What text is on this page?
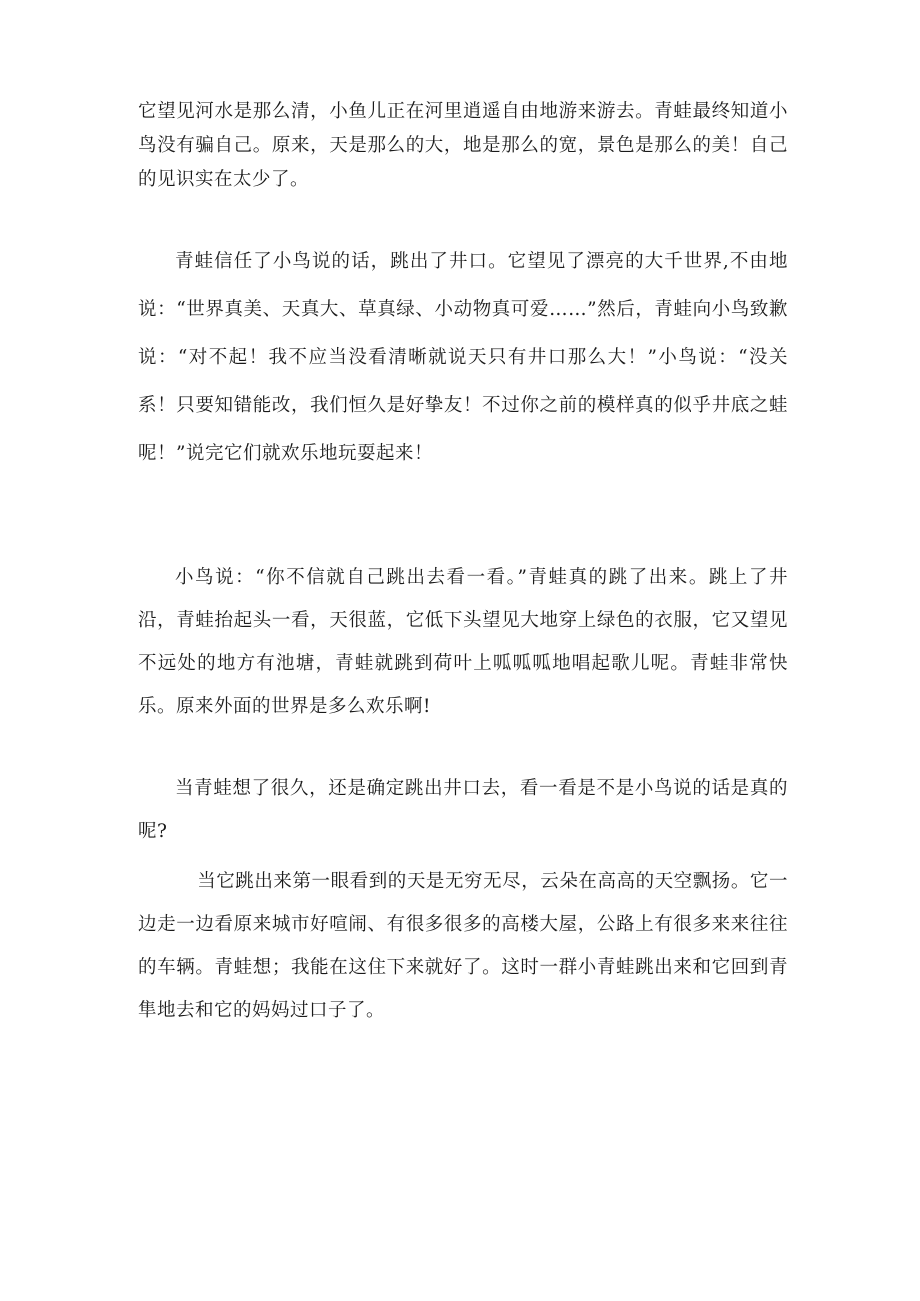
它望见河水是那么清，小鱼儿正在河里逍遥自由地游来游去。青蛙最终知道小鸟没有骗自己。原来，天是那么的大，地是那么的宽，景色是那么的美！自己的见识实在太少了。

青蛙信任了小鸟说的话，跳出了井口。它望见了漂亮的大千世界,不由地说：“世界真美、天真大、草真绿、小动物真可爱……”然后，青蛙向小鸟致歉说：“对不起！我不应当没看清晰就说天只有井口那么大！”小鸟说：“没关系！只要知错能改，我们恒久是好挚友！不过你之前的模样真的似乎井底之蛙呢！”说完它们就欢乐地玩耍起来！

小鸟说：“你不信就自己跳出去看一看。”青蛙真的跳了出来。跳上了井沿，青蛙抬起头一看，天很蓝，它低下头望见大地穿上绿色的衣服，它又望见不远处的地方有池塘，青蛙就跳到荷叶上呱呱呱地唱起歌儿呢。青蛙非常快乐。原来外面的世界是多么欢乐啊!

当青蛙想了很久，还是确定跳出井口去，看一看是不是小鸟说的话是真的呢?

当它跳出来第一眼看到的天是无穷无尽，云朵在高高的天空飘扬。它一边走一边看原来城市好喧闹、有很多很多的高楼大屋，公路上有很多来来往往的车辆。青蛙想；我能在这住下来就好了。这时一群小青蛙跳出来和它回到青隼地去和它的妈妈过口子了。
